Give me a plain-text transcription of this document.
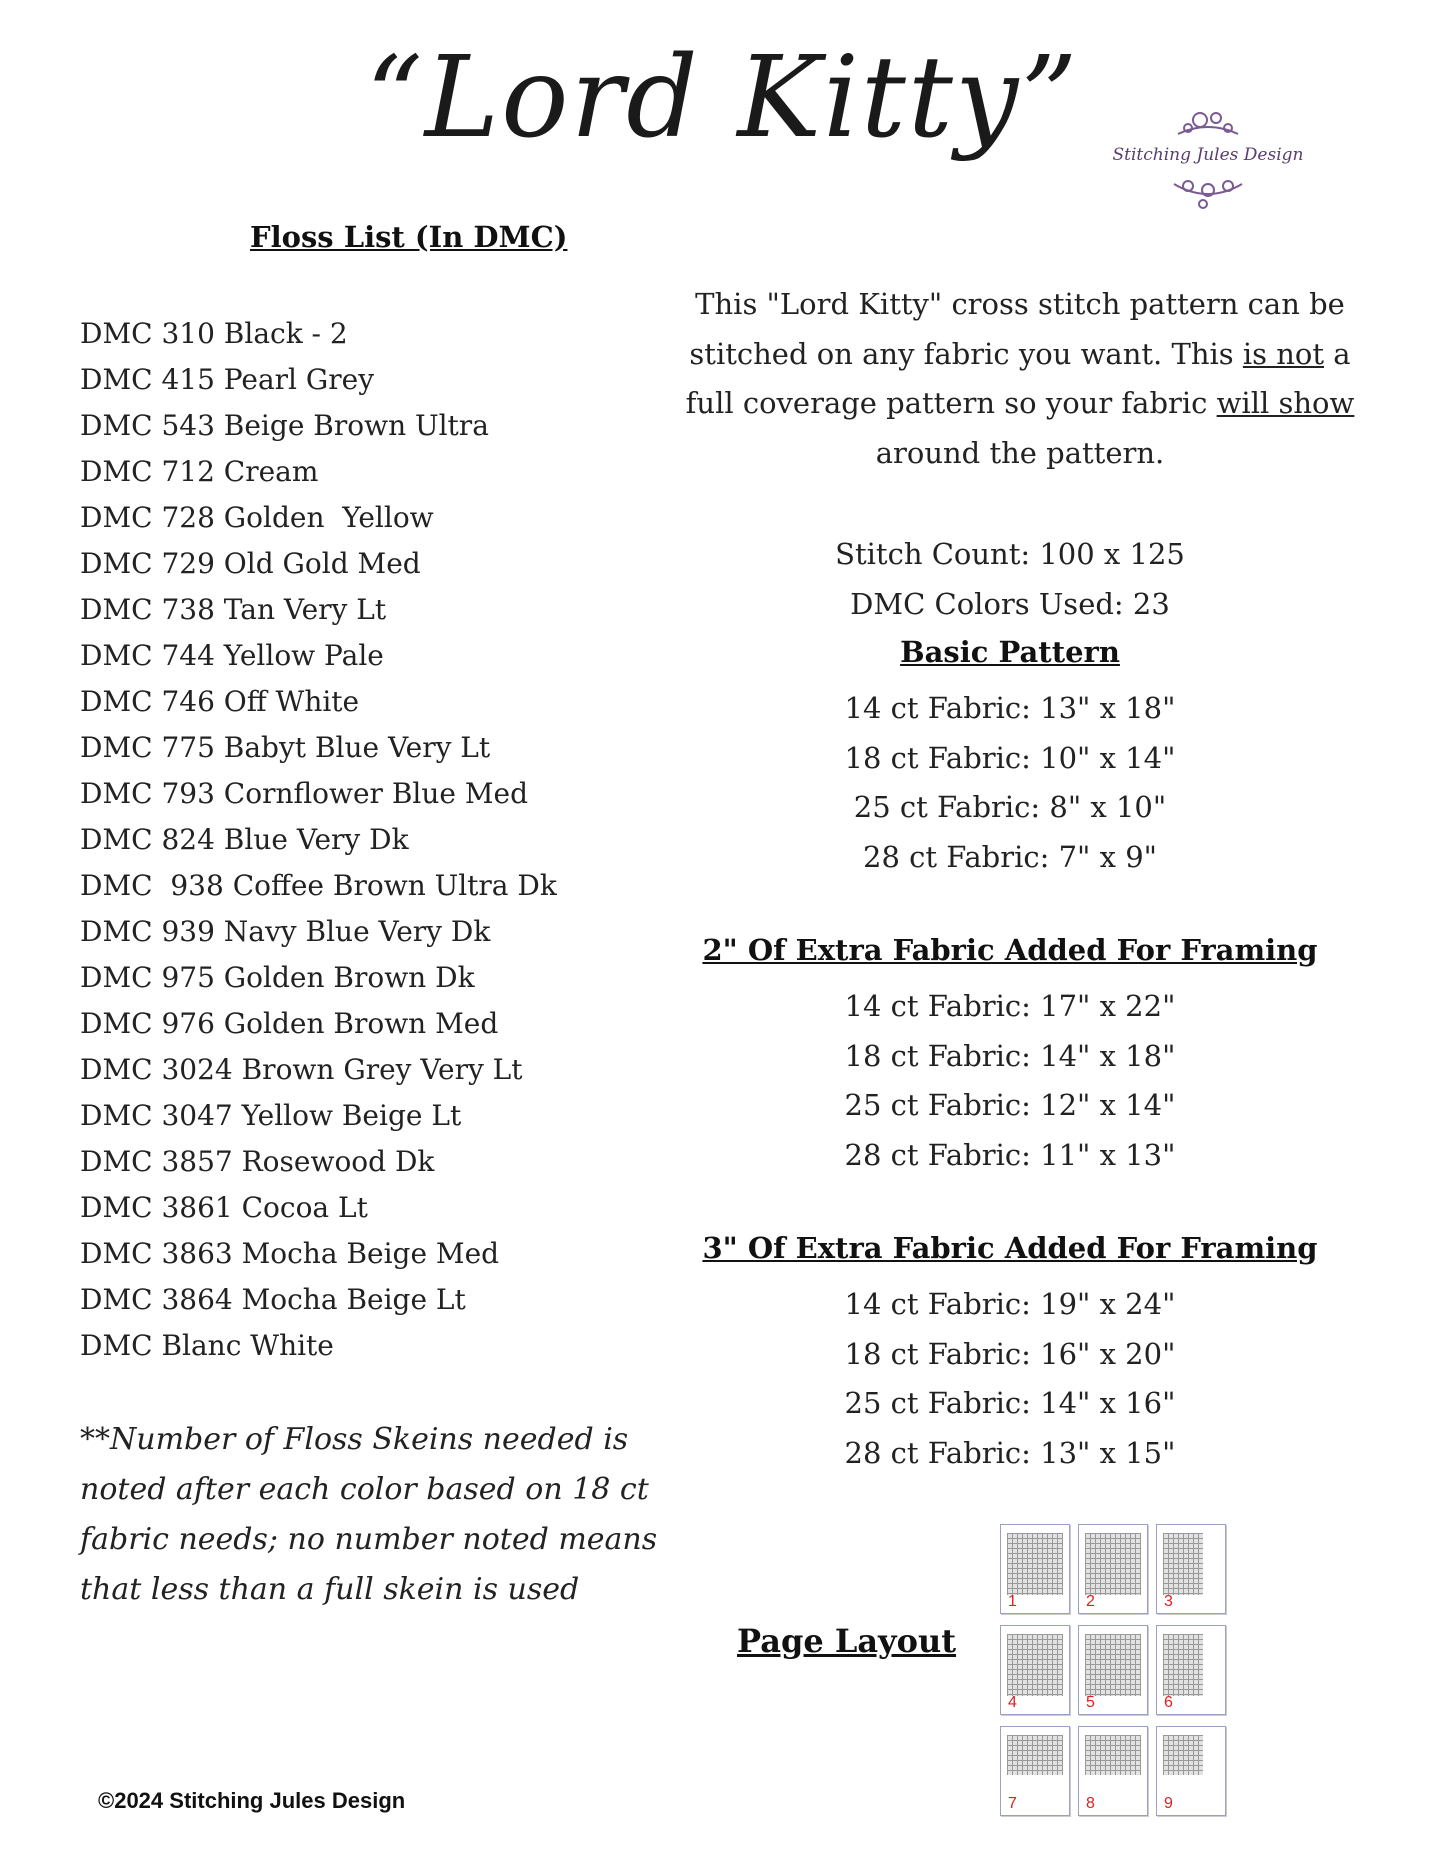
“Lord Kitty”	Stitching Jules Design
Floss List (In DMC)
DMC 310 Black - 2
DMC 415 Pearl Grey
DMC 543 Beige Brown Ultra
DMC 712 Cream
DMC 728 Golden  Yellow
DMC 729 Old Gold Med
DMC 738 Tan Very Lt
DMC 744 Yellow Pale
DMC 746 Off White
DMC 775 Babyt Blue Very Lt
DMC 793 Cornflower Blue Med
DMC 824 Blue Very Dk
DMC  938 Coffee Brown Ultra Dk
DMC 939 Navy Blue Very Dk
DMC 975 Golden Brown Dk
DMC 976 Golden Brown Med
DMC 3024 Brown Grey Very Lt
DMC 3047 Yellow Beige Lt
DMC 3857 Rosewood Dk
DMC 3861 Cocoa Lt
DMC 3863 Mocha Beige Med
DMC 3864 Mocha Beige Lt
DMC Blanc White
**Number of Floss Skeins needed is noted after each color based on 18 ct fabric needs; no number noted means that less than a full skein is used
This "Lord Kitty" cross stitch pattern can be stitched on any fabric you want. This is not a full coverage pattern so your fabric will show around the pattern.
Stitch Count: 100 x 125
DMC Colors Used: 23
Basic Pattern
14 ct Fabric: 13" x 18"
18 ct Fabric: 10" x 14"
25 ct Fabric: 8" x 10"
28 ct Fabric: 7" x 9"
2" Of Extra Fabric Added For Framing
14 ct Fabric: 17" x 22"
18 ct Fabric: 14" x 18"
25 ct Fabric: 12" x 14"
28 ct Fabric: 11" x 13"
3" Of Extra Fabric Added For Framing
14 ct Fabric: 19" x 24"
18 ct Fabric: 16" x 20"
25 ct Fabric: 14" x 16"
28 ct Fabric: 13" x 15"
Page Layout
1	2	3
4	5	6
7	8	9
©2024 Stitching Jules Design
